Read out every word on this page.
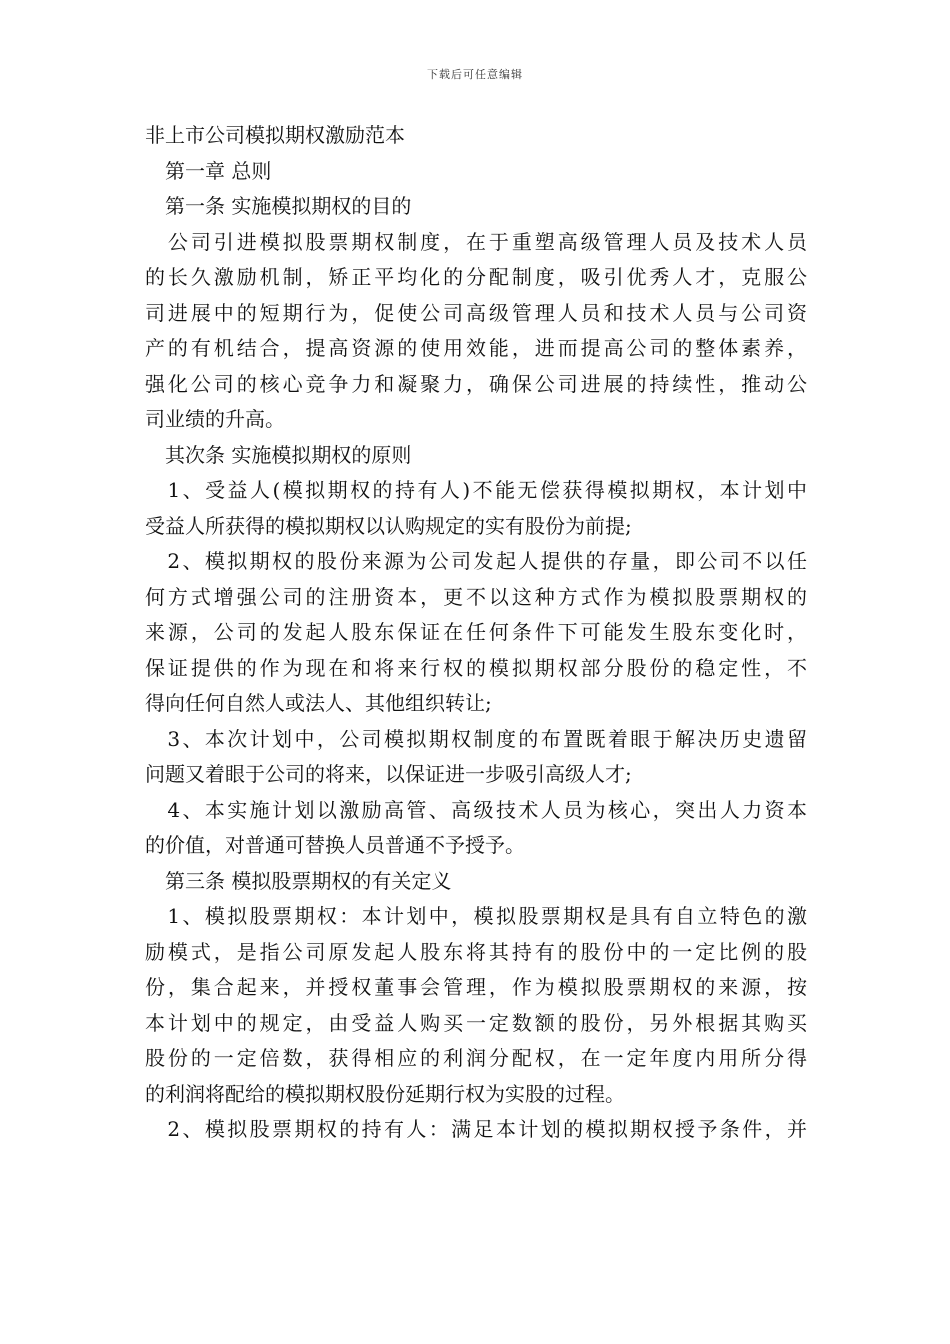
下载后可任意编辑
非上市公司模拟期权激励范本
　第一章 总则
　第一条 实施模拟期权的目的
　公司引进模拟股票期权制度，在于重塑高级管理人员及技术人员
的长久激励机制，矫正平均化的分配制度，吸引优秀人才，克服公
司进展中的短期行为，促使公司高级管理人员和技术人员与公司资
产的有机结合，提高资源的使用效能，进而提高公司的整体素养，
强化公司的核心竞争力和凝聚力，确保公司进展的持续性，推动公
司业绩的升高。
　其次条 实施模拟期权的原则
　1、受益人(模拟期权的持有人)不能无偿获得模拟期权，本计划中
受益人所获得的模拟期权以认购规定的实有股份为前提;
　2、模拟期权的股份来源为公司发起人提供的存量，即公司不以任
何方式增强公司的注册资本，更不以这种方式作为模拟股票期权的
来源，公司的发起人股东保证在任何条件下可能发生股东变化时，
保证提供的作为现在和将来行权的模拟期权部分股份的稳定性，不
得向任何自然人或法人、其他组织转让;
　3、本次计划中，公司模拟期权制度的布置既着眼于解决历史遗留
问题又着眼于公司的将来，以保证进一步吸引高级人才;
　4、本实施计划以激励高管、高级技术人员为核心，突出人力资本
的价值，对普通可替换人员普通不予授予。
　第三条 模拟股票期权的有关定义
　1、模拟股票期权：本计划中，模拟股票期权是具有自立特色的激
励模式，是指公司原发起人股东将其持有的股份中的一定比例的股
份，集合起来，并授权董事会管理，作为模拟股票期权的来源，按
本计划中的规定，由受益人购买一定数额的股份，另外根据其购买
股份的一定倍数，获得相应的利润分配权，在一定年度内用所分得
的利润将配给的模拟期权股份延期行权为实股的过程。
　2、模拟股票期权的持有人：满足本计划的模拟期权授予条件，并
